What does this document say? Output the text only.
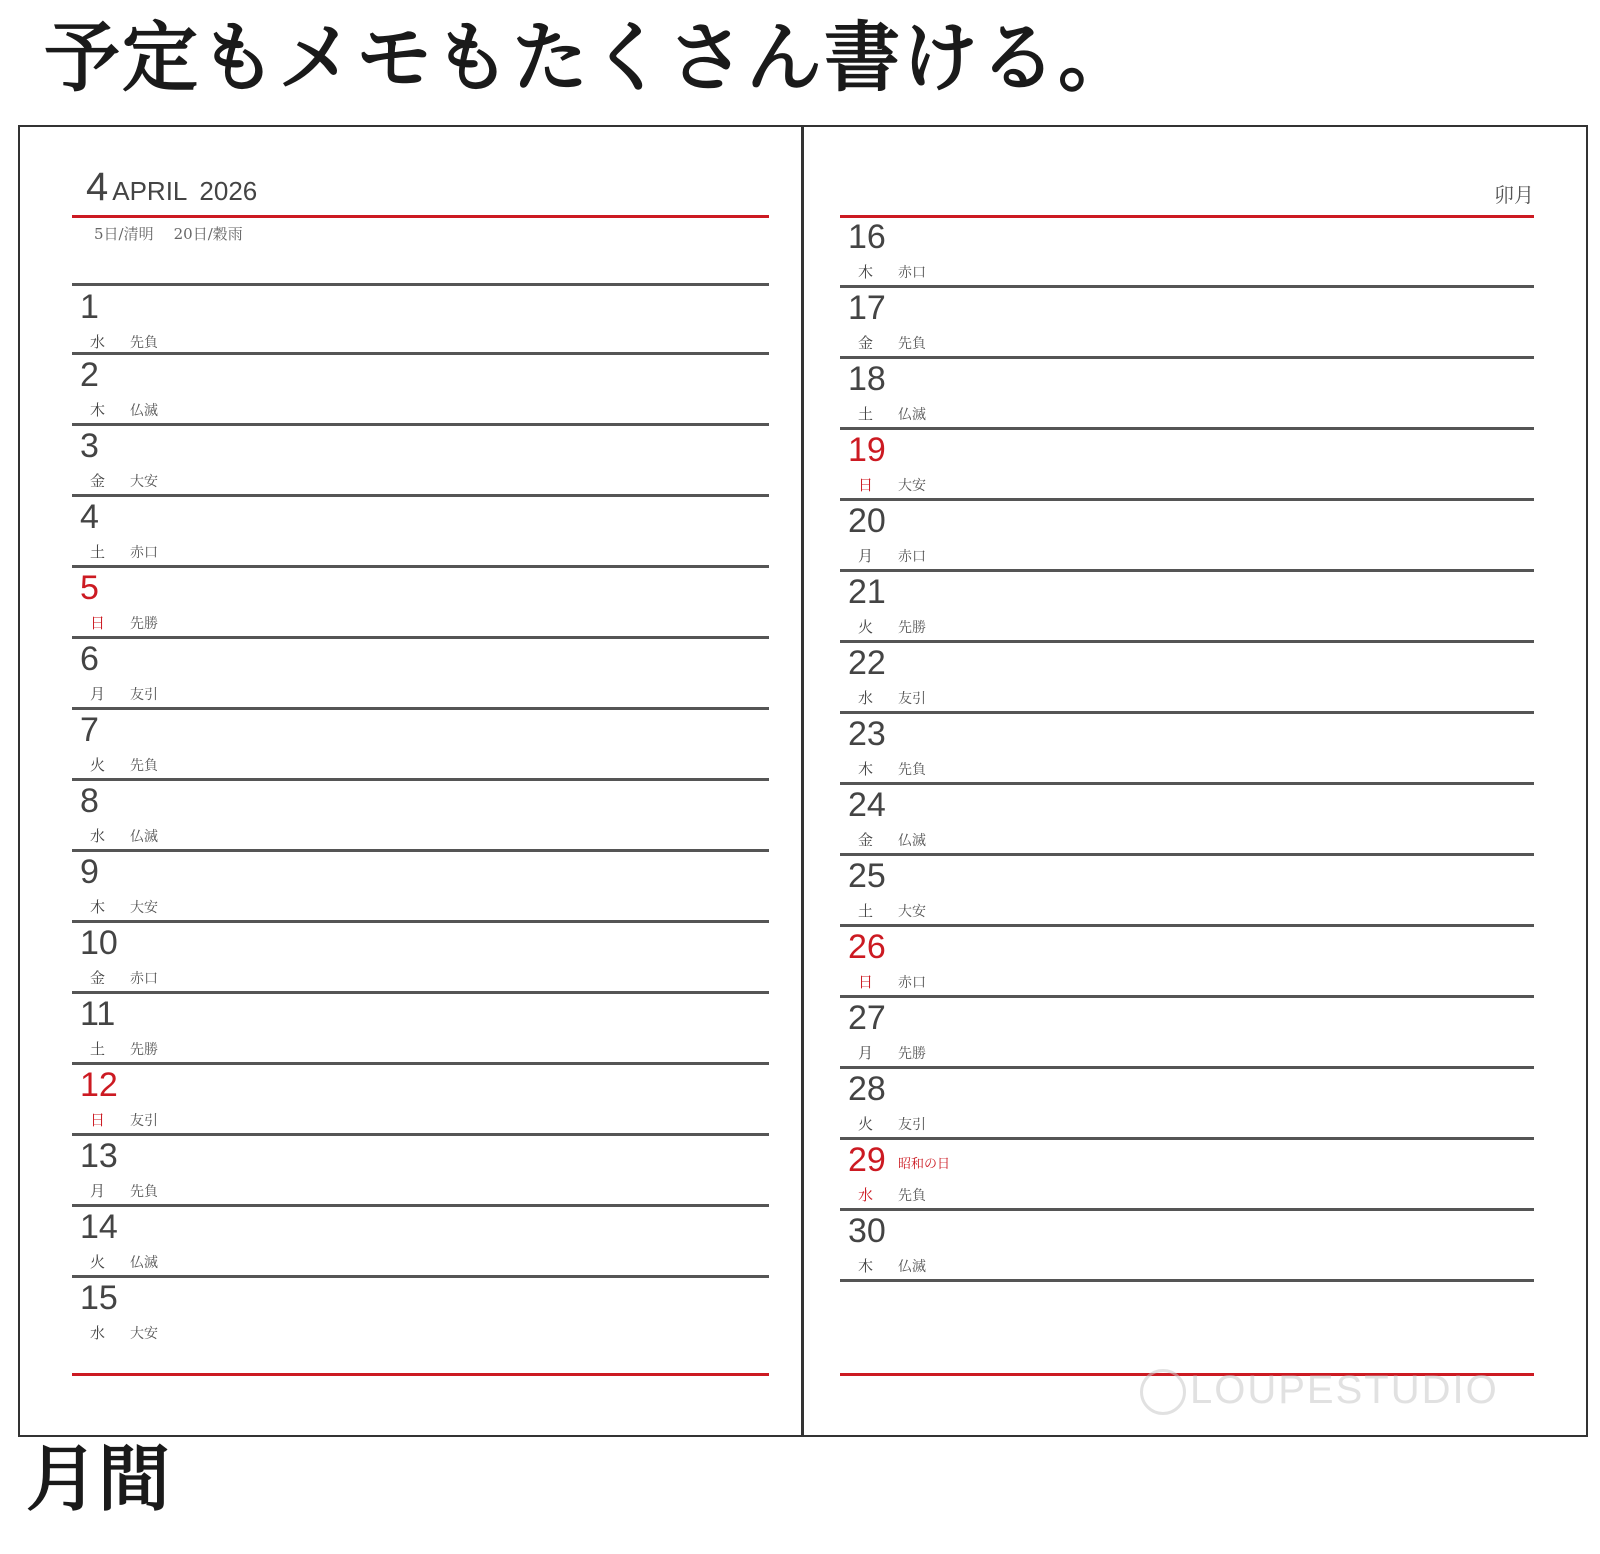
予定もメモもたくさん書ける。
4 APRIL 2026
5日/清明 20日/穀雨
1
水 先負
2
木 仏滅
3
金 大安
4
土 赤口
5
日 先勝
6
月 友引
7
火 先負
8
水 仏滅
9
木 大安
10
金 赤口
11
土 先勝
12
日 友引
13
月 先負
14
火 仏滅
15
水 大安
卯月
16
木 赤口
17
金 先負
18
土 仏滅
19
日 大安
20
月 赤口
21
火 先勝
22
水 友引
23
木 先負
24
金 仏滅
25
土 大安
26
日 赤口
27
月 先勝
28
火 友引
29
水 先負
昭和の日
30
木 仏滅
LOUPESTUDIO
月間
